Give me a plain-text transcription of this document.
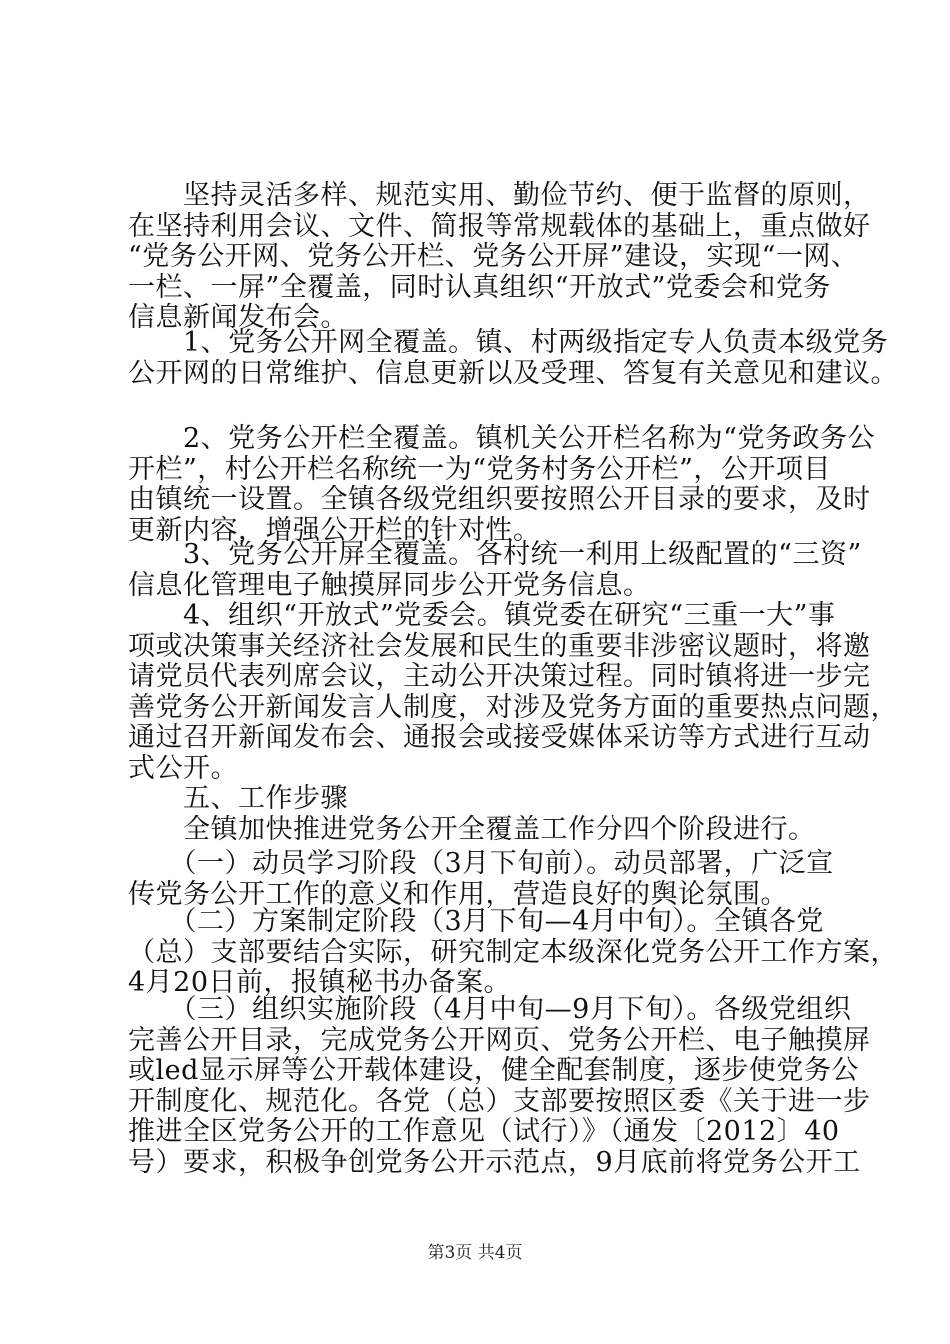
　　坚持灵活多样、规范实用、勤俭节约、便于监督的原则，
在坚持利用会议、文件、简报等常规载体的基础上，重点做好
“党务公开网、党务公开栏、党务公开屏”建设，实现“一网、
一栏、一屏”全覆盖，同时认真组织“开放式”党委会和党务
信息新闻发布会。
　　1、党务公开网全覆盖。镇、村两级指定专人负责本级党务
公开网的日常维护、信息更新以及受理、答复有关意见和建议。
　　2、党务公开栏全覆盖。镇机关公开栏名称为“党务政务公
开栏”，村公开栏名称统一为“党务村务公开栏”，公开项目
由镇统一设置。全镇各级党组织要按照公开目录的要求，及时
更新内容，增强公开栏的针对性。
　　3、党务公开屏全覆盖。各村统一利用上级配置的“三资”
信息化管理电子触摸屏同步公开党务信息。
　　4、组织“开放式”党委会。镇党委在研究“三重一大”事
项或决策事关经济社会发展和民生的重要非涉密议题时，将邀
请党员代表列席会议，主动公开决策过程。同时镇将进一步完
善党务公开新闻发言人制度，对涉及党务方面的重要热点问题，
通过召开新闻发布会、通报会或接受媒体采访等方式进行互动
式公开。
　　五、工作步骤
　　全镇加快推进党务公开全覆盖工作分四个阶段进行。
　　（一）动员学习阶段（3月下旬前）。动员部署，广泛宣
传党务公开工作的意义和作用，营造良好的舆论氛围。
　　（二）方案制定阶段（3月下旬—4月中旬）。全镇各党
（总）支部要结合实际，研究制定本级深化党务公开工作方案，
4月20日前，报镇秘书办备案。
　　（三）组织实施阶段（4月中旬—9月下旬）。各级党组织
完善公开目录，完成党务公开网页、党务公开栏、电子触摸屏
或led显示屏等公开载体建设，健全配套制度，逐步使党务公
开制度化、规范化。各党（总）支部要按照区委《关于进一步
推进全区党务公开的工作意见（试行）》（通发〔2012〕40
号）要求，积极争创党务公开示范点，9月底前将党务公开工
第3页 共4页
